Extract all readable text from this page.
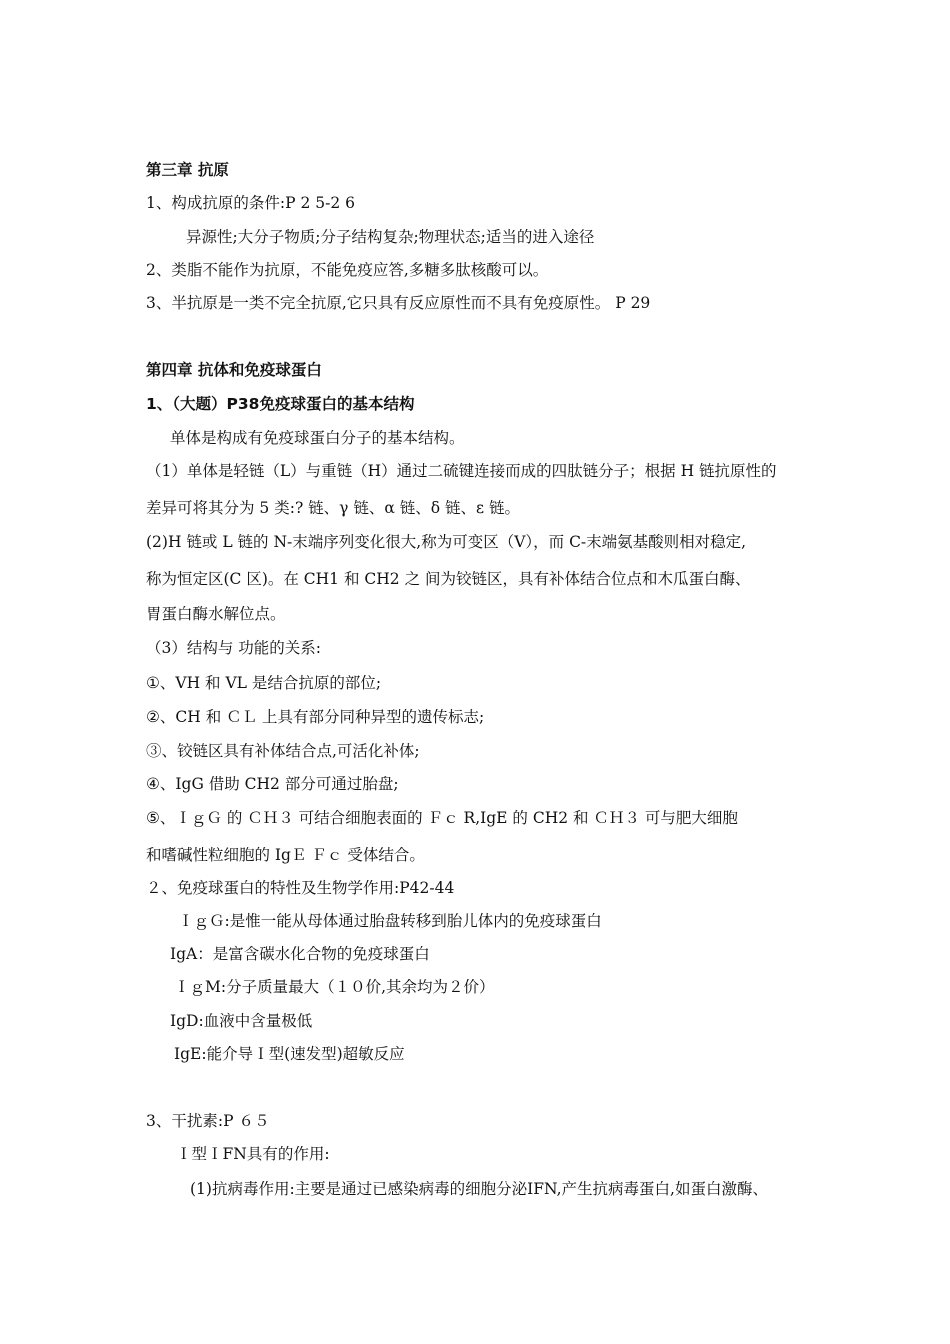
第三章 抗原
1、构成抗原的条件:P 2 5-2 6
异源性;大分子物质;分子结构复杂;物理状态;适当的进入途径
2、类脂不能作为抗原，不能免疫应答,多糖多肽核酸可以。
3、半抗原是一类不完全抗原,它只具有反应原性而不具有免疫原性。 P 29
第四章 抗体和免疫球蛋白
1、（大题）P38免疫球蛋白的基本结构
单体是构成有免疫球蛋白分子的基本结构。
（1）单体是轻链（L）与重链（H）通过二硫键连接而成的四肽链分子；根据 H 链抗原性的
差异可将其分为 5 类:? 链、γ 链、α 链、δ 链、ε 链。
(2)H 链或 L 链的 N-末端序列变化很大,称为可变区（V），而 C-末端氨基酸则相对稳定,
称为恒定区(C 区)。在 CH1 和 CH2 之 间为铰链区，具有补体结合位点和木瓜蛋白酶、
胃蛋白酶水解位点。
（3）结构与 功能的关系:
①、VH 和 VL 是结合抗原的部位;
②、CH 和 ＣＬ 上具有部分同种异型的遗传标志;
③、铰链区具有补体结合点,可活化补体;
④、IgG 借助 CH2 部分可通过胎盘;
⑤、ＩｇＧ 的 ＣＨ３ 可结合细胞表面的 Ｆｃ R,IgE 的 CH2 和 ＣＨ３ 可与肥大细胞
和嗜碱性粒细胞的 IgＥ Ｆｃ 受体结合。
２、免疫球蛋白的特性及生物学作用:P42-44
ＩｇＧ:是惟一能从母体通过胎盘转移到胎儿体内的免疫球蛋白
IgA：是富含碳水化合物的免疫球蛋白
ＩｇM:分子质量最大（１０价,其余均为２价）
IgD:血液中含量极低
IgE:能介导Ｉ型(速发型)超敏反应
3、干扰素:P ６５
Ｉ型ＩFN具有的作用:
(1)抗病毒作用:主要是通过已感染病毒的细胞分泌IFN,产生抗病毒蛋白,如蛋白激酶、
